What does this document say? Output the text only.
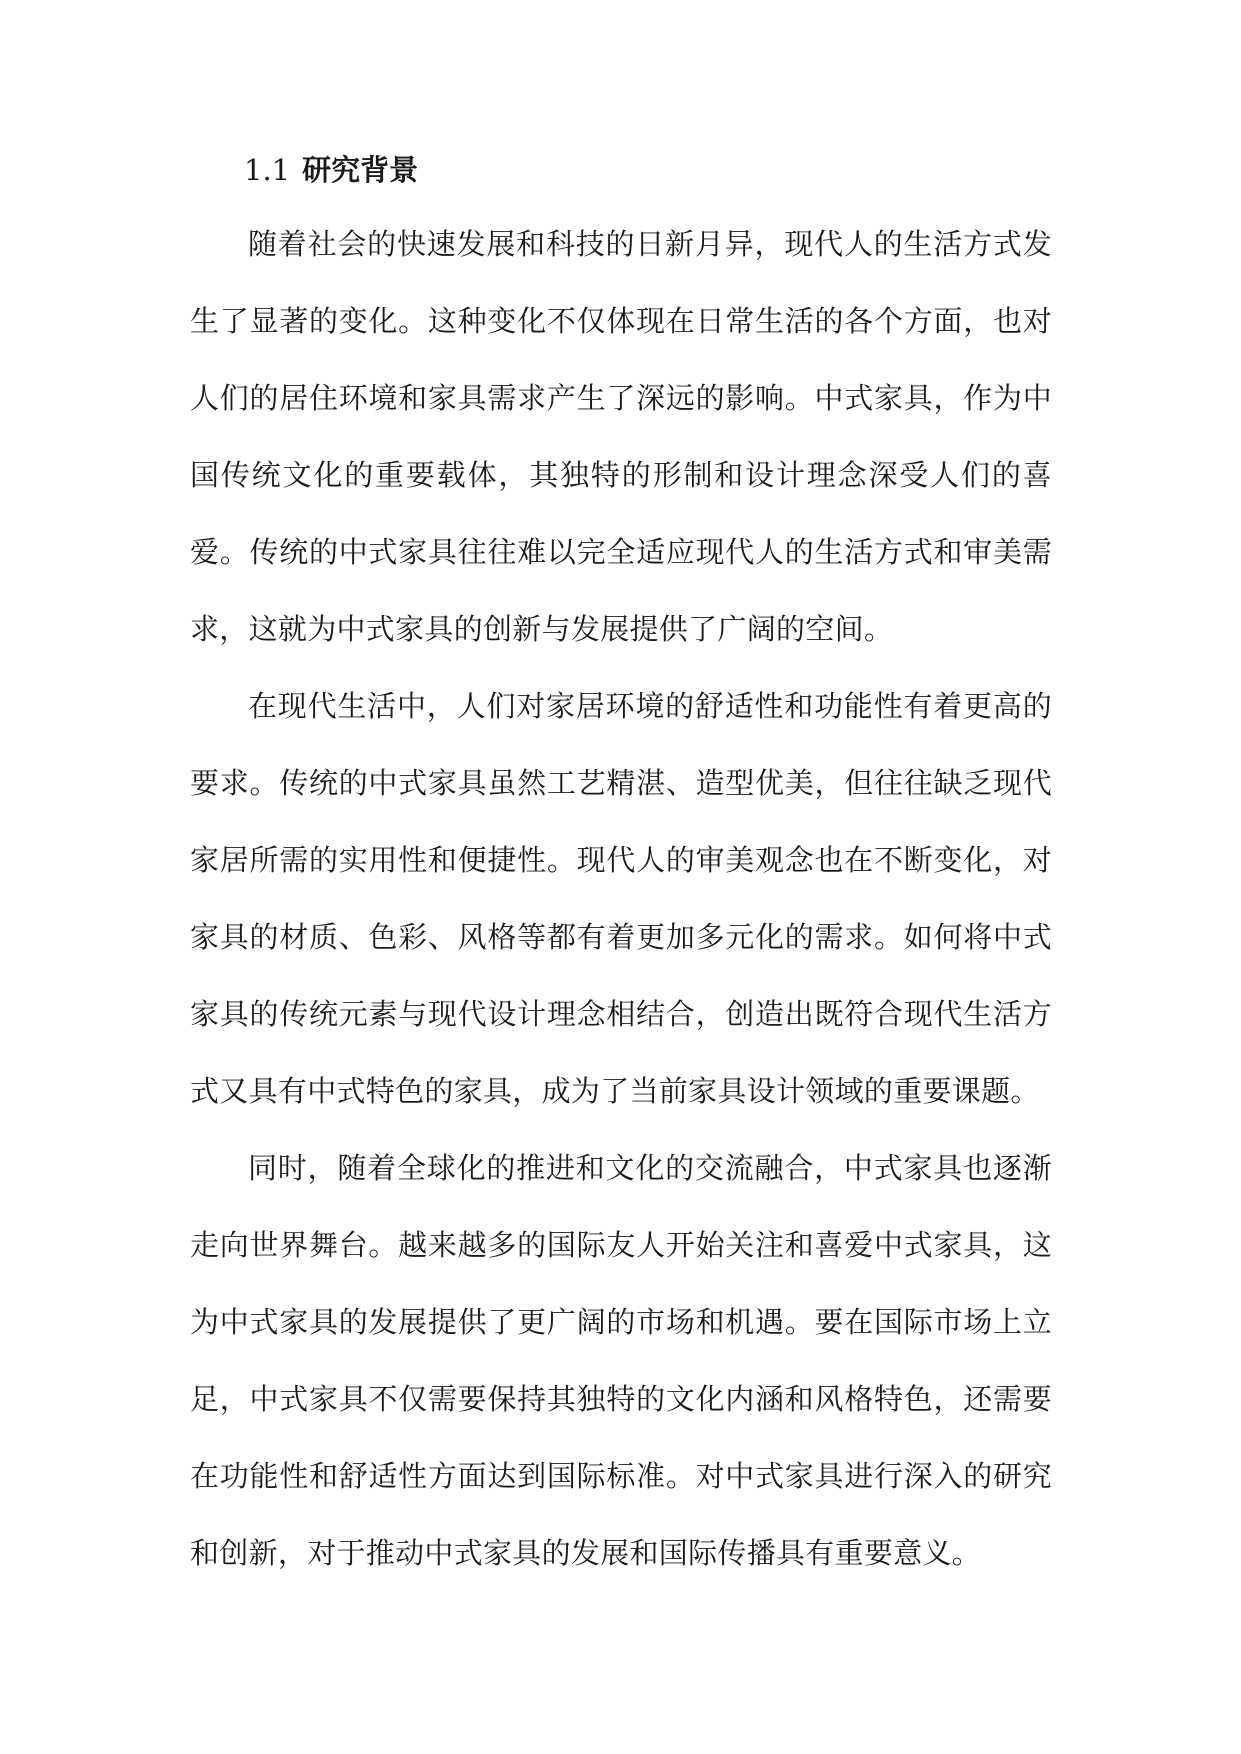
1.1 研究背景

随着社会的快速发展和科技的日新月异，现代人的生活方式发生了显著的变化。这种变化不仅体现在日常生活的各个方面，也对人们的居住环境和家具需求产生了深远的影响。中式家具，作为中国传统文化的重要载体，其独特的形制和设计理念深受人们的喜爱。传统的中式家具往往难以完全适应现代人的生活方式和审美需求，这就为中式家具的创新与发展提供了广阔的空间。

在现代生活中，人们对家居环境的舒适性和功能性有着更高的要求。传统的中式家具虽然工艺精湛、造型优美，但往往缺乏现代家居所需的实用性和便捷性。现代人的审美观念也在不断变化，对家具的材质、色彩、风格等都有着更加多元化的需求。如何将中式家具的传统元素与现代设计理念相结合，创造出既符合现代生活方式又具有中式特色的家具，成为了当前家具设计领域的重要课题。

同时，随着全球化的推进和文化的交流融合，中式家具也逐渐走向世界舞台。越来越多的国际友人开始关注和喜爱中式家具，这为中式家具的发展提供了更广阔的市场和机遇。要在国际市场上立足，中式家具不仅需要保持其独特的文化内涵和风格特色，还需要在功能性和舒适性方面达到国际标准。对中式家具进行深入的研究和创新，对于推动中式家具的发展和国际传播具有重要意义。
